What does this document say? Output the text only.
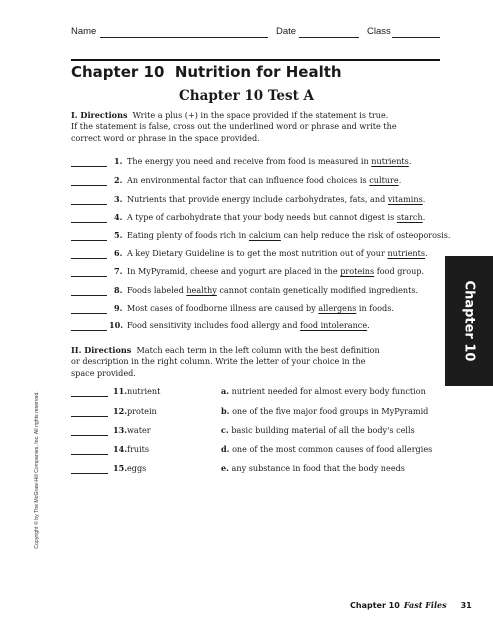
Name	Date	Class
Chapter 10  Nutrition for Health
Chapter 10 Test A
I. Directions Write a plus (+) in the space provided if the statement is true.
If the statement is false, cross out the underlined word or phrase and write the
correct word or phrase in the space provided.
1. The energy you need and receive from food is measured in nutrients.
2. An environmental factor that can influence food choices is culture.
3. Nutrients that provide energy include carbohydrates, fats, and vitamins.
4. A type of carbohydrate that your body needs but cannot digest is starch.
5. Eating plenty of foods rich in calcium can help reduce the risk of osteoporosis.
6. A key Dietary Guideline is to get the most nutrition out of your nutrients.
7. In MyPyramid, cheese and yogurt are placed in the proteins food group.
8. Foods labeled healthy cannot contain genetically modified ingredients.
9. Most cases of foodborne illness are caused by allergens in foods.
10. Food sensitivity includes food allergy and food intolerance.
II. Directions Match each term in the left column with the best definition
or description in the right column. Write the letter of your choice in the
space provided.
11. nutrient	a. nutrient needed for almost every body function
12. protein	b. one of the five major food groups in MyPyramid
13. water	c. basic building material of all the body's cells
14. fruits	d. one of the most common causes of food allergies
15. eggs	e. any substance in food that the body needs
Chapter 10
Copyright © by The McGraw-Hill Companies, Inc. All rights reserved.
Chapter 10 Fast Files 31
